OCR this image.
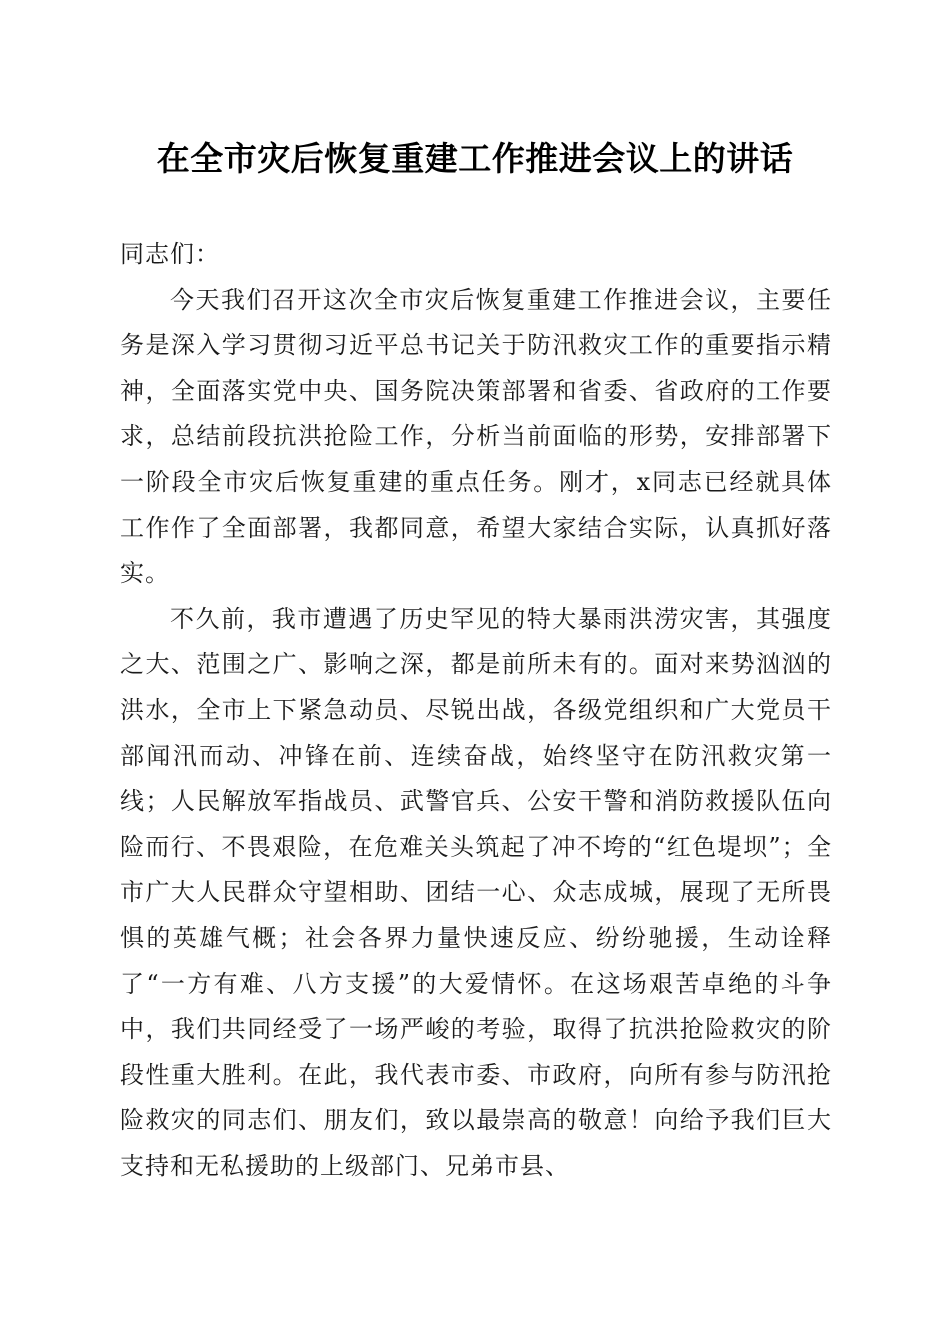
在全市灾后恢复重建工作推进会议上的讲话

同志们：

今天我们召开这次全市灾后恢复重建工作推进会议，主要任务是深入学习贯彻习近平总书记关于防汛救灾工作的重要指示精神，全面落实党中央、国务院决策部署和省委、省政府的工作要求，总结前段抗洪抢险工作，分析当前面临的形势，安排部署下一阶段全市灾后恢复重建的重点任务。刚才，x同志已经就具体工作作了全面部署，我都同意，希望大家结合实际，认真抓好落实。

不久前，我市遭遇了历史罕见的特大暴雨洪涝灾害，其强度之大、范围之广、影响之深，都是前所未有的。面对来势汹汹的洪水，全市上下紧急动员、尽锐出战，各级党组织和广大党员干部闻汛而动、冲锋在前、连续奋战，始终坚守在防汛救灾第一线；人民解放军指战员、武警官兵、公安干警和消防救援队伍向险而行、不畏艰险，在危难关头筑起了冲不垮的“红色堤坝”；全市广大人民群众守望相助、团结一心、众志成城，展现了无所畏惧的英雄气概；社会各界力量快速反应、纷纷驰援，生动诠释了“一方有难、八方支援”的大爱情怀。在这场艰苦卓绝的斗争中，我们共同经受了一场严峻的考验，取得了抗洪抢险救灾的阶段性重大胜利。在此，我代表市委、市政府，向所有参与防汛抢险救灾的同志们、朋友们，致以最崇高的敬意！向给予我们巨大支持和无私援助的上级部门、兄弟市县、
